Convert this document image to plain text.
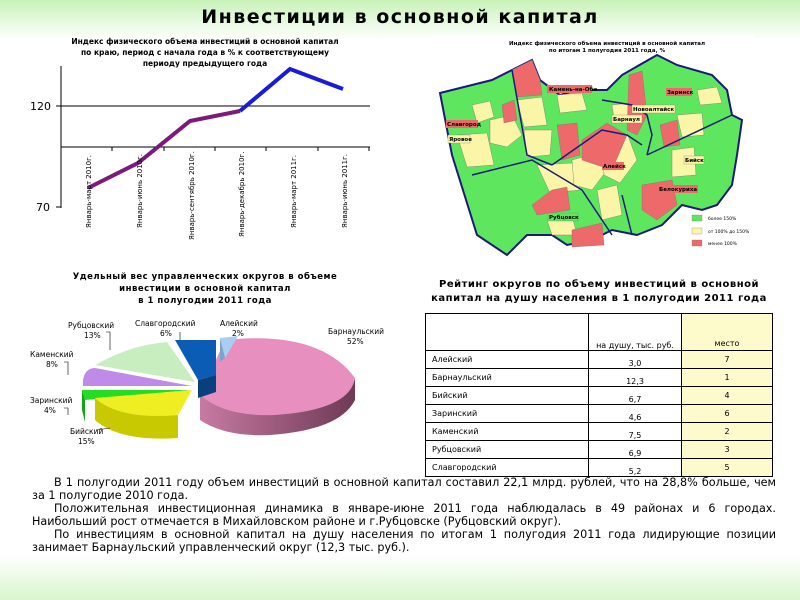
Инвестиции в основной капитал
Индекс физического объема инвестиций в основной капитал
по краю, период с начала года в % к соответствующему
периоду предыдущего года
120
70	Январь-март 2010г.	Январь-июнь 2010г.	Январь-сентябрь 2010г.	Январь-декабрь 2010г.	Январь-март 2011г.	Январь-июнь 2011г.
Индекс физического объема инвестиций в основной капитал
по итогам 1 полугодия 2011 года, %
Камень-на-Оби
Славгород
Яровое
Новоалтайск
Барнаул
Заринск
Алейск
Бийск
Белокуриха
Рубцовск	более 150%
от 100% до 150%
менее 100%
Удельный вес управленческих округов в объеме
инвестиции в основной капитал
в 1 полугодии 2011 года
Рубцовский
13%
Славгородский
6%
Алейский
2%	Барнаульский
52%
Каменский
8%
Заринский
4%
Бийский
15%
Рейтинг округов по объему инвестиций в основной
капитал на душу населения в 1 полугодии 2011 года
	на душу, тыс. руб.	место
Алейский	3,0	7
Барнаульский	12,3	1
Бийский	6,7	4
Заринский	4,6	6
Каменский	7,5	2
Рубцовский	6,9	3
Славгородский	5,2	5

В 1 полугодии 2011 году объем инвестиций в основной капитал составил 22,1 млрд. рублей, что на 28,8% больше, чем за 1 полугодие 2010 года.

Положительная инвестиционная динамика в январе-июне 2011 года наблюдалась в 49 районах и 6 городах. Наибольший рост отмечается в Михайловском районе и г.Рубцовске (Рубцовский округ).

По инвестициям в основной капитал на душу населения по итогам 1 полугодия 2011 года лидирующие позиции занимает Барнаульский управленческий округ (12,3 тыс. руб.).
